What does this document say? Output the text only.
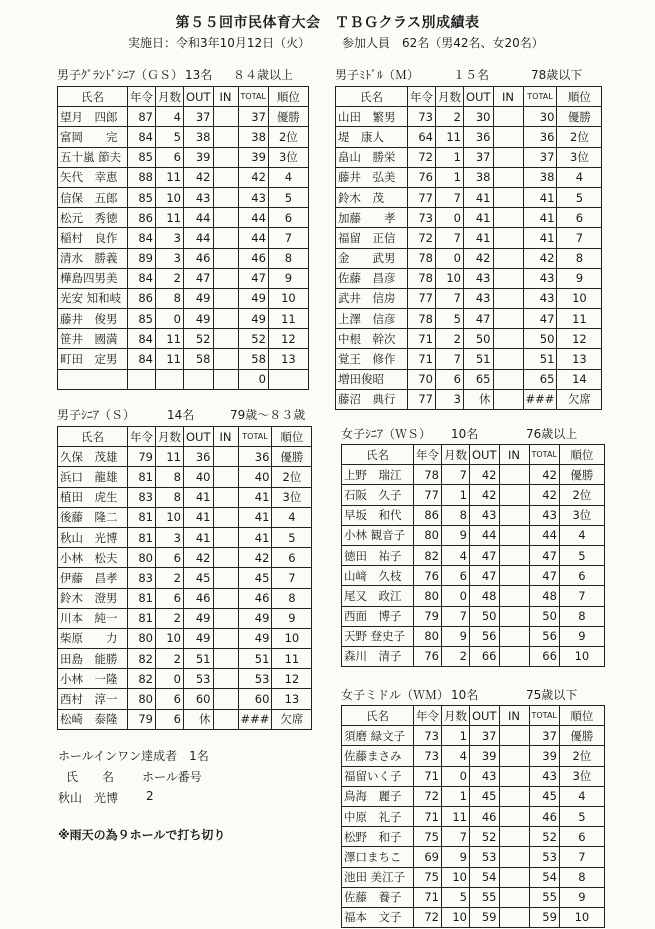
第５５回市民体育大会　ＴＢＧクラス別成績表
実施日：令和3年10月12日（火）	参加人員　62名（男42名、女20名）
男子ｸﾞﾗﾝﾄﾞｼﾆｱ（ＧＳ） 13名 ８４歳以上
氏名	年令	月数	OUT	IN	TOTAL	順位
望月　四郎	87	4	37		37	優勝
富岡　　完	84	5	38		38	2位
五十嵐 節夫	85	6	39		39	3位
矢代　幸恵	88	11	42		42	4
信保　五郎	85	10	43		43	5
松元　秀徳	86	11	44		44	6
稲村　良作	84	3	44		44	7
清水　勝義	89	3	46		46	8
樺島四男美	84	2	47		47	9
光安 知和岐	86	8	49		49	10
藤井　俊男	85	0	49		49	11
笹井　國満	84	11	52		52	12
町田　定男	84	11	58		58	13
					0	
男子ﾐﾄﾞﾙ（Ｍ）	１５名	78歳以下
氏名	年令	月数	OUT	IN	TOTAL	順位
山田　繁男	73	2	30		30	優勝
堤　康人	64	11	36		36	2位
畠山　勝栄	72	1	37		37	3位
藤井　弘美	76	1	38		38	4
鈴木　茂	77	7	41		41	5
加藤　　孝	73	0	41		41	6
福留　正信	72	7	41		41	7
金　　武男	78	0	42		42	8
佐藤　昌彦	78	10	43		43	9
武井　信房	77	7	43		43	10
上澤　信彦	78	5	47		47	11
中根　幹次	71	2	50		50	12
覚王　修作	71	7	51		51	13
増田俊昭	70	6	65		65	14
藤沼　典行	77	3	休		###	欠席
男子ｼﾆｱ（Ｓ）	14名	79歳～８３歳
氏名	年令	月数	OUT	IN	TOTAL	順位
久保　茂雄	79	11	36		36	優勝
浜口　龍雄	81	8	40		40	2位
植田　虎生	83	8	41		41	3位
後藤　隆二	81	10	41		41	4
秋山　光博	81	3	41		41	5
小林　松夫	80	6	42		42	6
伊藤　昌孝	83	2	45		45	7
鈴木　澄男	81	6	46		46	8
川本　純一	81	2	49		49	9
柴原　　力	80	10	49		49	10
田島　能勝	82	2	51		51	11
小林　一隆	82	0	53		53	12
西村　淳一	80	6	60		60	13
松崎　泰隆	79	6	休		###	欠席
女子ｼﾆｱ（ＷＳ） 10名	76歳以上
氏名	年令	月数	OUT	IN	TOTAL	順位
上野　瑞江	78	7	42		42	優勝
石阪　久子	77	1	42		42	2位
早坂　和代	86	8	43		43	3位
小林 観音子	80	9	44		44	4
徳田　祐子	82	4	47		47	5
山﨑　久枝	76	6	47		47	6
尾又　政江	80	0	48		48	7
西面　博子	79	7	50		50	8
天野 登史子	80	9	56		56	9
森川　清子	76	2	66		66	10
女子ミドル（ＷＭ） 10名	75歳以下
氏名	年令	月数	OUT	IN	TOTAL	順位
須磨 緑文子	73	1	37		37	優勝
佐藤まさみ	73	4	39		39	2位
福留いく子	71	0	43		43	3位
鳥海　麗子	72	1	45		45	4
中原　礼子	71	11	46		46	5
松野　和子	75	7	52		52	6
澤口まちこ	69	9	53		53	7
池田 美江子	75	10	54		54	8
佐藤　養子	71	5	55		55	9
福本　文子	72	10	59		59	10
ホールインワン達成者　1名
氏　　名 ホール番号
秋山　光博 2
※雨天の為９ホールで打ち切り
